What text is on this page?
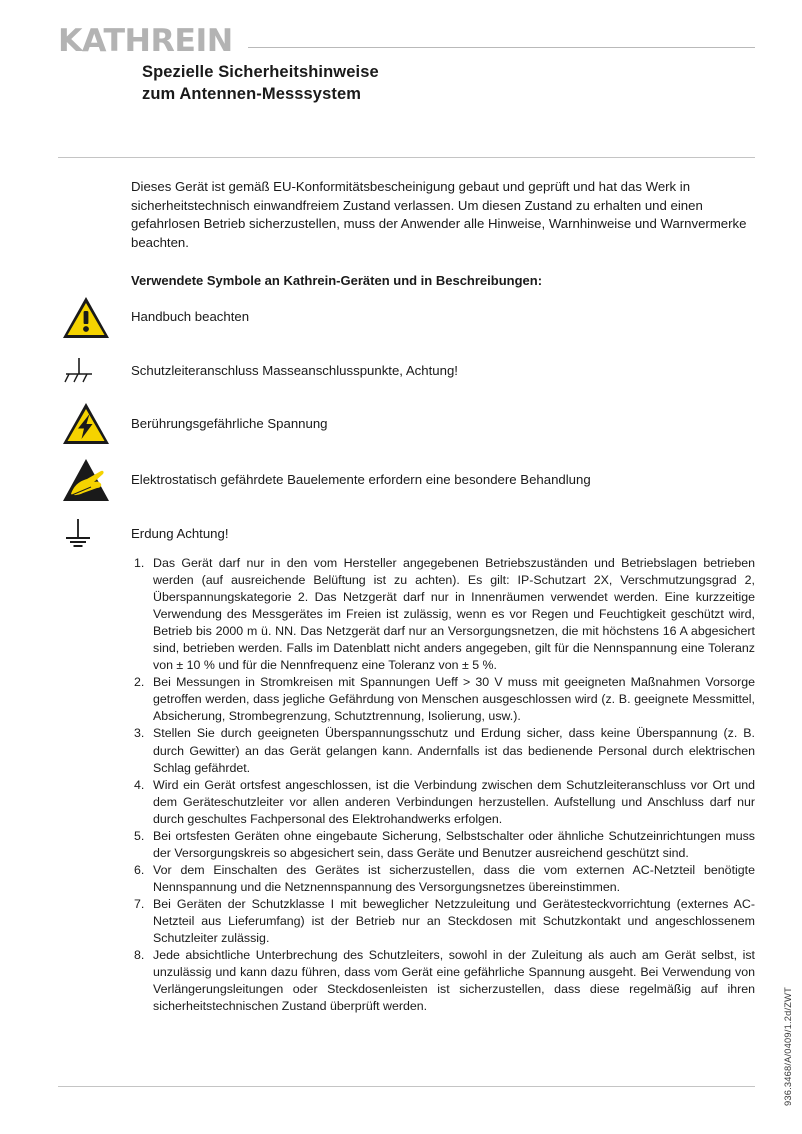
KATHREIN
Spezielle Sicherheitshinweise
zum Antennen-Messsystem

Dieses Gerät ist gemäß EU-Konformitätsbescheinigung gebaut und geprüft und hat das Werk in sicherheitstechnisch einwandfreiem Zustand verlassen. Um diesen Zustand zu erhalten und einen gefahrlosen Betrieb sicherzustellen, muss der Anwender alle Hinweise, Warnhinweise und Warnvermerke beachten.

Verwendete Symbole an Kathrein-Geräten und in Beschreibungen:

Handbuch beachten
Schutzleiteranschluss Masseanschlusspunkte, Achtung!
Berührungsgefährliche Spannung
Elektrostatisch gefährdete Bauelemente erfordern eine besondere Behandlung
Erdung Achtung!
1. Das Gerät darf nur in den vom Hersteller angegebenen Betriebszuständen und Betriebslagen betrieben werden (auf ausreichende Belüftung ist zu achten). Es gilt: IP-Schutzart 2X, Verschmutzungsgrad 2, Überspannungskategorie 2. Das Netzgerät darf nur in Innenräumen verwendet werden. Eine kurzzeitige Verwendung des Messgerätes im Freien ist zulässig, wenn es vor Regen und Feuchtigkeit geschützt wird, Betrieb bis 2000 m ü. NN. Das Netzgerät darf nur an Versorgungsnetzen, die mit höchstens 16 A abgesichert sind, betrieben werden. Falls im Datenblatt nicht anders angegeben, gilt für die Nennspannung eine Toleranz von ± 10 % und für die Nennfrequenz eine Toleranz von ± 5 %.
2. Bei Messungen in Stromkreisen mit Spannungen Ueff > 30 V muss mit geeigneten Maßnahmen Vorsorge getroffen werden, dass jegliche Gefährdung von Menschen ausgeschlossen wird (z. B. geeignete Messmittel, Absicherung, Strombegrenzung, Schutztrennung, Isolierung, usw.).
3. Stellen Sie durch geeigneten Überspannungsschutz und Erdung sicher, dass keine Überspannung (z. B. durch Gewitter) an das Gerät gelangen kann. Andernfalls ist das bedienende Personal durch elektrischen Schlag gefährdet.
4. Wird ein Gerät ortsfest angeschlossen, ist die Verbindung zwischen dem Schutzleiteranschluss vor Ort und dem Geräteschutzleiter vor allen anderen Verbindungen herzustellen. Aufstellung und Anschluss darf nur durch geschultes Fachpersonal des Elektrohandwerks erfolgen.
5. Bei ortsfesten Geräten ohne eingebaute Sicherung, Selbstschalter oder ähnliche Schutzeinrichtungen muss der Versorgungskreis so abgesichert sein, dass Geräte und Benutzer ausreichend geschützt sind.
6. Vor dem Einschalten des Gerätes ist sicherzustellen, dass die vom externen AC-Netzteil benötigte Nennspannung und die Netznennspannung des Versorgungsnetzes übereinstimmen.
7. Bei Geräten der Schutzklasse I mit beweglicher Netzzuleitung und Gerätesteckvorrichtung (externes AC-Netzteil aus Lieferumfang) ist der Betrieb nur an Steckdosen mit Schutzkontakt und angeschlossenem Schutzleiter zulässig.
8. Jede absichtliche Unterbrechung des Schutzleiters, sowohl in der Zuleitung als auch am Gerät selbst, ist unzulässig und kann dazu führen, dass vom Gerät eine gefährliche Spannung ausgeht. Bei Verwendung von Verlängerungsleitungen oder Steckdosenleisten ist sicherzustellen, dass diese regelmäßig auf ihren sicherheitstechnischen Zustand überprüft werden.	936.3468/A/0409/1.2d/ZWT
